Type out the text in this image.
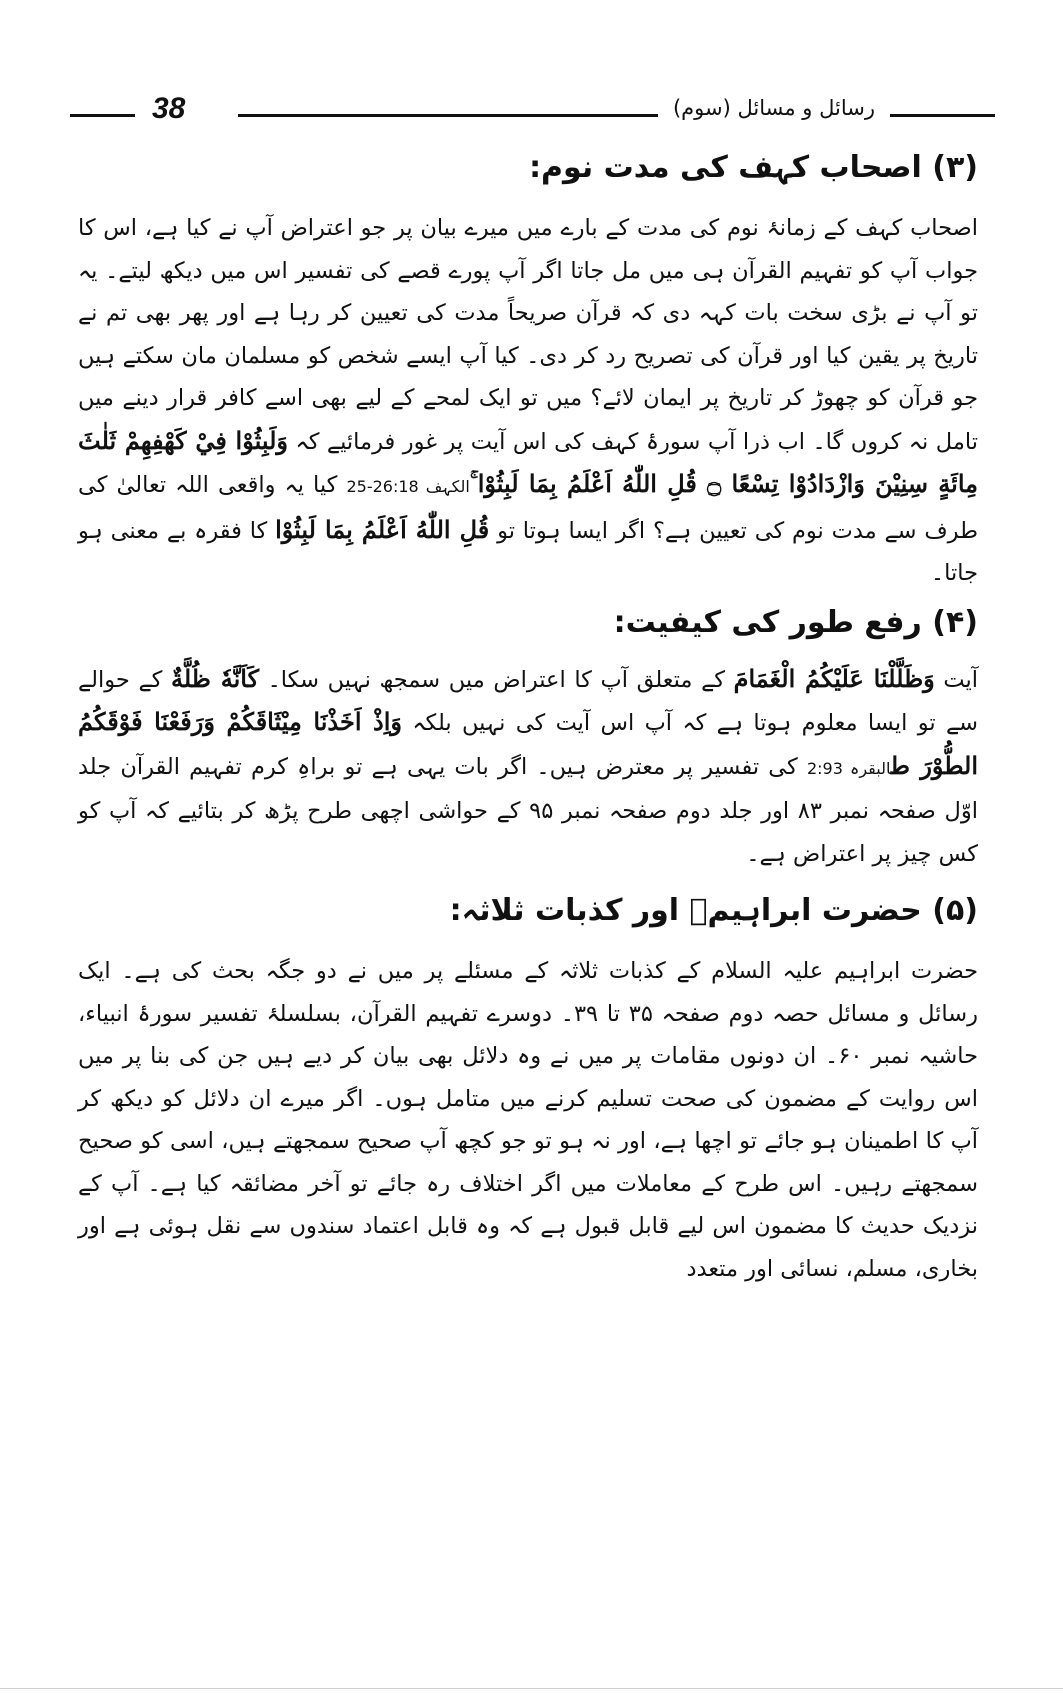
38	رسائل و مسائل (سوم)
(۳) اصحاب کہف کی مدت نوم:

اصحاب کہف کے زمانۂ نوم کی مدت کے بارے میں میرے بیان پر جو اعتراض آپ نے کیا ہے، اس کا جواب آپ کو تفہیم القرآن ہی میں مل جاتا اگر آپ پورے قصے کی تفسیر اس میں دیکھ لیتے۔ یہ تو آپ نے بڑی سخت بات کہہ دی کہ قرآن صریحاً مدت کی تعیین کر رہا ہے اور پھر بھی تم نے تاریخ پر یقین کیا اور قرآن کی تصریح رد کر دی۔ کیا آپ ایسے شخص کو مسلمان مان سکتے ہیں جو قرآن کو چھوڑ کر تاریخ پر ایمان لائے؟ میں تو ایک لمحے کے لیے بھی اسے کافر قرار دینے میں تامل نہ کروں گا۔ اب ذرا آپ سورۂ کہف کی اس آیت پر غور فرمائیے کہ وَلَبِثُوْا فِيْ كَهْفِهِمْ ثَلٰثَ مِائَةٍ سِنِيْنَ وَازْدَادُوْا تِسْعًا ۝ قُلِ اللّٰهُ اَعْلَمُ بِمَا لَبِثُوْا ۚالکہف 26:18-25 کیا یہ واقعی اللہ تعالیٰ کی طرف سے مدت نوم کی تعیین ہے؟ اگر ایسا ہوتا تو قُلِ اللّٰهُ اَعْلَمُ بِمَا لَبِثُوْا کا فقرہ بے معنی ہو جاتا۔

(۴) رفع طور کی کیفیت:

آیت وَظَلَّلْنَا عَلَيْكُمُ الْغَمَامَ کے متعلق آپ کا اعتراض میں سمجھ نہیں سکا۔ كَاَنَّهٗ ظُلَّةٌ کے حوالے سے تو ایسا معلوم ہوتا ہے کہ آپ اس آیت کی نہیں بلکہ وَاِذْ اَخَذْنَا مِيْثَاقَكُمْ وَرَفَعْنَا فَوْقَكُمُ الطُّوْرَ طالبقرہ 2:93 کی تفسیر پر معترض ہیں۔ اگر بات یہی ہے تو براہِ کرم تفہیم القرآن جلد اوّل صفحہ نمبر ۸۳ اور جلد دوم صفحہ نمبر ۹۵ کے حواشی اچھی طرح پڑھ کر بتائیے کہ آپ کو کس چیز پر اعتراض ہے۔

(۵) حضرت ابراہیمؑ اور کذبات ثلاثہ:

حضرت ابراہیم علیہ السلام کے کذبات ثلاثہ کے مسئلے پر میں نے دو جگہ بحث کی ہے۔ ایک رسائل و مسائل حصہ دوم صفحہ ۳۵ تا ۳۹۔ دوسرے تفہیم القرآن، بسلسلۂ تفسیر سورۂ انبیاء، حاشیہ نمبر ۶۰۔ ان دونوں مقامات پر میں نے وہ دلائل بھی بیان کر دیے ہیں جن کی بنا پر میں اس روایت کے مضمون کی صحت تسلیم کرنے میں متامل ہوں۔ اگر میرے ان دلائل کو دیکھ کر آپ کا اطمینان ہو جائے تو اچھا ہے، اور نہ ہو تو جو کچھ آپ صحیح سمجھتے ہیں، اسی کو صحیح سمجھتے رہیں۔ اس طرح کے معاملات میں اگر اختلاف رہ جائے تو آخر مضائقہ کیا ہے۔ آپ کے نزدیک حدیث کا مضمون اس لیے قابل قبول ہے کہ وہ قابل اعتماد سندوں سے نقل ہوئی ہے اور بخاری، مسلم، نسائی اور متعدد
